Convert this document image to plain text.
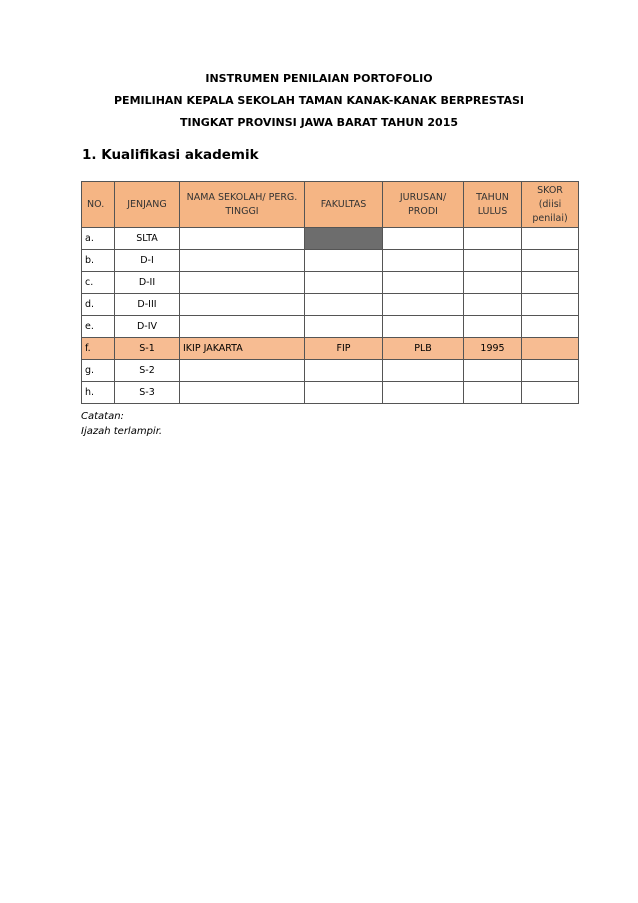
INSTRUMEN PENILAIAN PORTOFOLIO
PEMILIHAN KEPALA SEKOLAH TAMAN KANAK-KANAK BERPRESTASI
TINGKAT PROVINSI JAWA BARAT TAHUN 2015
1. Kualifikasi akademik
NO.	JENJANG	NAMA SEKOLAH/ PERG. TINGGI	FAKULTAS	JURUSAN/ PRODI	TAHUN LULUS	SKOR (diisi penilai)
a.	SLTA					
b.	D-I					
c.	D-II					
d.	D-III					
e.	D-IV					
f.	S-1	IKIP JAKARTA	FIP	PLB	1995	
g.	S-2					
h.	S-3					
Catatan:
Ijazah terlampir.
